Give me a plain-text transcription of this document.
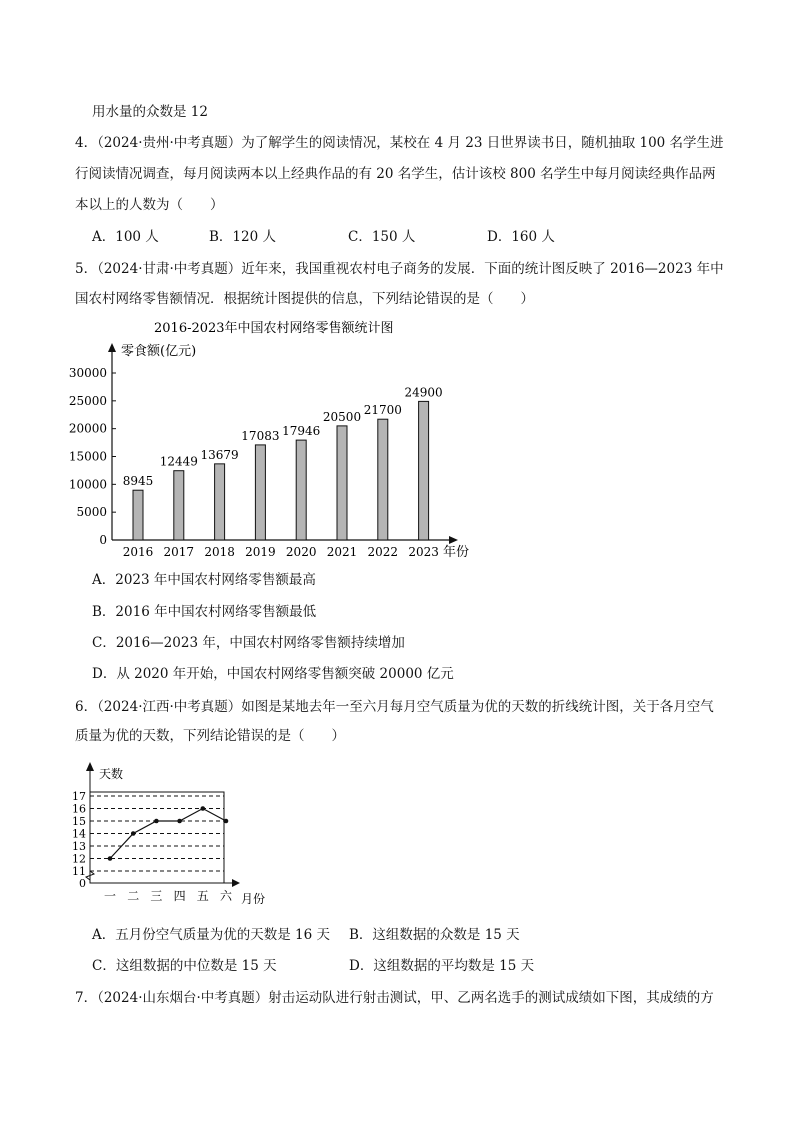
用水量的众数是 12
4．（2024·贵州·中考真题）为了解学生的阅读情况，某校在 4 月 23 日世界读书日，随机抽取 100 名学生进
行阅读情况调查，每月阅读两本以上经典作品的有 20 名学生，估计该校 800 名学生中每月阅读经典作品两
本以上的人数为（　　）
A．100 人	B．120 人	C．150 人	D．160 人
5．（2024·甘肃·中考真题）近年来，我国重视农村电子商务的发展．下面的统计图反映了 2016—2023 年中
国农村网络零售额情况．根据统计图提供的信息，下列结论错误的是（　　）
2016-2023年中国农村网络零售额统计图
零食额(亿元)
年份
0
5000
10000
15000
20000
25000
30000
8945
2016
12449
2017
13679
2018
17083
2019
17946
2020
20500
2021
21700
2022
24900
2023
A．2023 年中国农村网络零售额最高
B．2016 年中国农村网络零售额最低
C．2016—2023 年，中国农村网络零售额持续增加
D．从 2020 年开始，中国农村网络零售额突破 20000 亿元
6．（2024·江西·中考真题）如图是某地去年一至六月每月空气质量为优的天数的折线统计图，关于各月空气
质量为优的天数，下列结论错误的是（　　）
天数
月份
0
11
12
13
14
15
16
17
一 二 三 四 五 六
A．五月份空气质量为优的天数是 16 天 B．这组数据的众数是 15 天
C．这组数据的中位数是 15 天	D．这组数据的平均数是 15 天
7．（2024·山东烟台·中考真题）射击运动队进行射击测试，甲、乙两名选手的测试成绩如下图，其成绩的方
